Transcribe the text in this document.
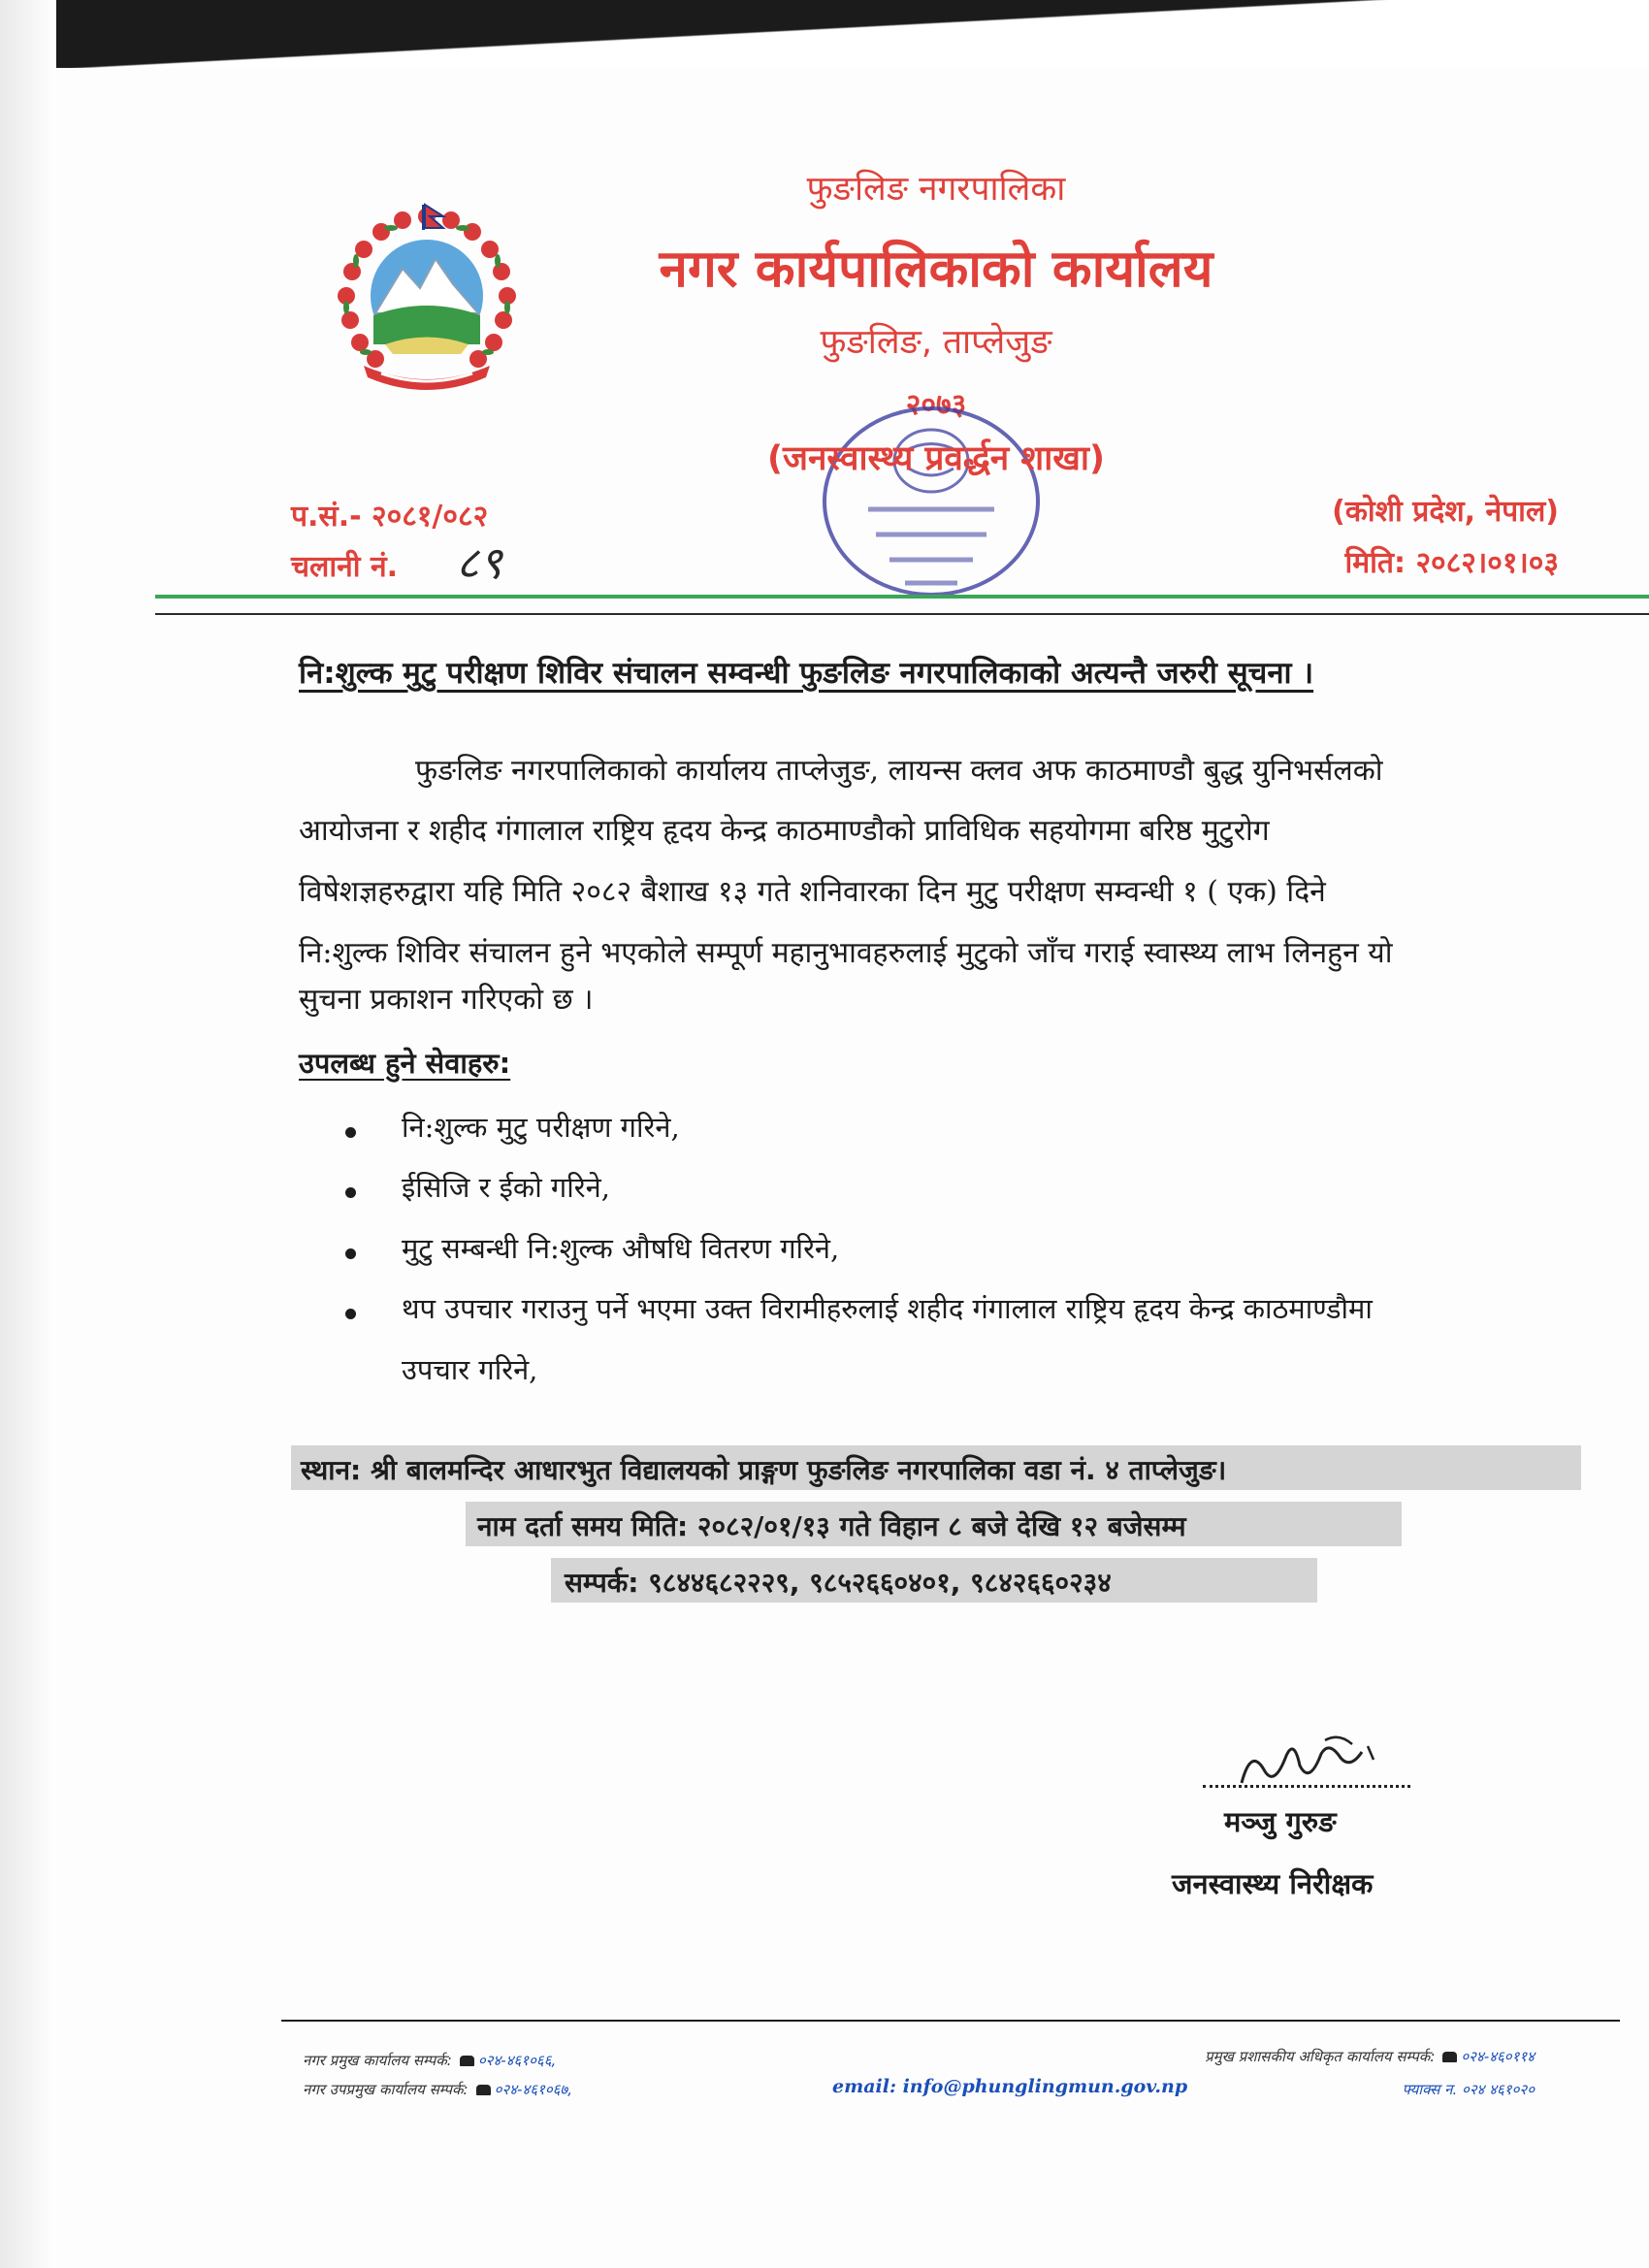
फुङलिङ नगरपालिका
नगर कार्यपालिकाको कार्यालय
फुङलिङ, ताप्लेजुङ
२०७३
(जनस्वास्थ्य प्रवर्द्धन शाखा)
प.सं.- २०८१/०८२
चलानी नं. ८९
(कोशी प्रदेश, नेपाल)
मिति: २०८२।०१।०३
नि:शुल्क मुटु परीक्षण शिविर संचालन सम्वन्धी फुङलिङ नगरपालिकाको अत्यन्तै जरुरी सूचना ।
फुङलिङ नगरपालिकाको कार्यालय ताप्लेजुङ, लायन्स क्लव अफ काठमाण्डौ बुद्ध युनिभर्सलको
आयोजना र शहीद गंगालाल राष्ट्रिय हृदय केन्द्र काठमाण्डौको प्राविधिक सहयोगमा बरिष्ठ मुटुरोग
विषेशज्ञहरुद्वारा यहि मिति २०८२ बैशाख १३ गते शनिवारका दिन मुटु परीक्षण सम्वन्धी १ ( एक) दिने
नि:शुल्क शिविर संचालन हुने भएकोले सम्पूर्ण महानुभावहरुलाई मुटुको जाँच गराई स्वास्थ्य लाभ लिनहुन यो
सुचना प्रकाशन गरिएको छ ।
उपलब्ध हुने सेवाहरु:
नि:शुल्क मुटु परीक्षण गरिने,
ईसिजि र ईको गरिने,
मुटु सम्बन्धी नि:शुल्क औषधि वितरण गरिने,
थप उपचार गराउनु पर्ने भएमा उक्त विरामीहरुलाई शहीद गंगालाल राष्ट्रिय हृदय केन्द्र काठमाण्डौमा
उपचार गरिने,
स्थान: श्री बालमन्दिर आधारभुत विद्यालयको प्राङ्गण फुङलिङ नगरपालिका वडा नं. ४ ताप्लेजुङ।
नाम दर्ता समय मिति: २०८२/०१/१३ गते विहान ८ बजे देखि १२ बजेसम्म
सम्पर्क: ९८४४६८२२२९, ९८५२६६०४०१, ९८४२६६०२३४
मञ्जु गुरुङ
जनस्वास्थ्य निरीक्षक
नगर प्रमुख कार्यालय सम्पर्क: ०२४-४६१०६६,
नगर उपप्रमुख कार्यालय सम्पर्क: ०२४-४६१०६७,	email: info@phunglingmun.gov.np
प्रमुख प्रशासकीय अधिकृत कार्यालय सम्पर्क: ०२४-४६०११४
फ्याक्स न. ०२४ ४६१०२०
